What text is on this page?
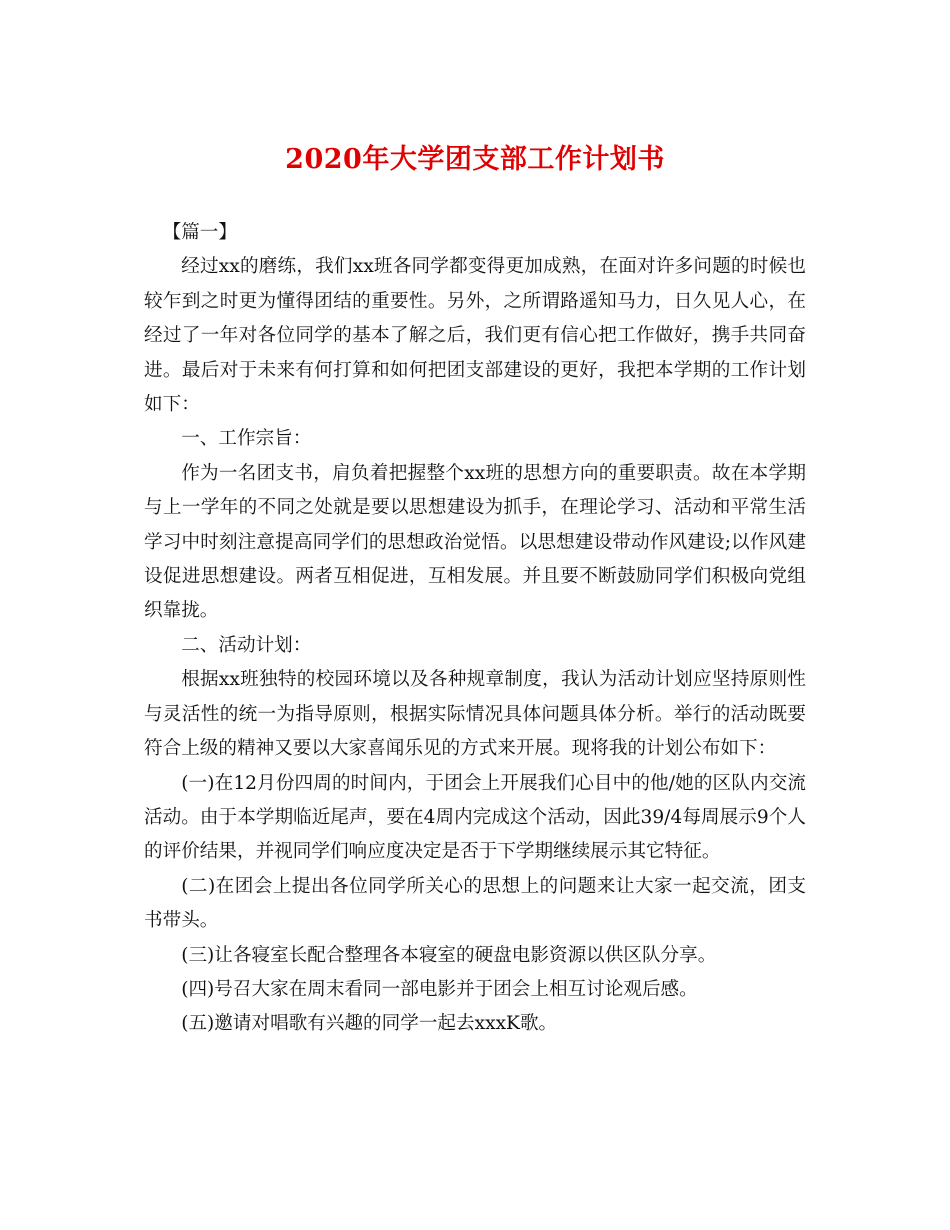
2020年大学团支部工作计划书

【篇一】

经过xx的磨练，我们xx班各同学都变得更加成熟，在面对许多问题的时候也较乍到之时更为懂得团结的重要性。另外，之所谓路遥知马力，日久见人心，在经过了一年对各位同学的基本了解之后，我们更有信心把工作做好，携手共同奋进。最后对于未来有何打算和如何把团支部建设的更好，我把本学期的工作计划如下：

一、工作宗旨：

作为一名团支书，肩负着把握整个xx班的思想方向的重要职责。故在本学期与上一学年的不同之处就是要以思想建设为抓手，在理论学习、活动和平常生活学习中时刻注意提高同学们的思想政治觉悟。以思想建设带动作风建设;以作风建设促进思想建设。两者互相促进，互相发展。并且要不断鼓励同学们积极向党组织靠拢。

二、活动计划：

根据xx班独特的校园环境以及各种规章制度，我认为活动计划应坚持原则性与灵活性的统一为指导原则，根据实际情况具体问题具体分析。举行的活动既要符合上级的精神又要以大家喜闻乐见的方式来开展。现将我的计划公布如下：

(一)在12月份四周的时间内，于团会上开展我们心目中的他/她的区队内交流活动。由于本学期临近尾声，要在4周内完成这个活动，因此39/4每周展示9个人的评价结果，并视同学们响应度决定是否于下学期继续展示其它特征。

(二)在团会上提出各位同学所关心的思想上的问题来让大家一起交流，团支书带头。

(三)让各寝室长配合整理各本寝室的硬盘电影资源以供区队分享。

(四)号召大家在周末看同一部电影并于团会上相互讨论观后感。

(五)邀请对唱歌有兴趣的同学一起去xxxK歌。
